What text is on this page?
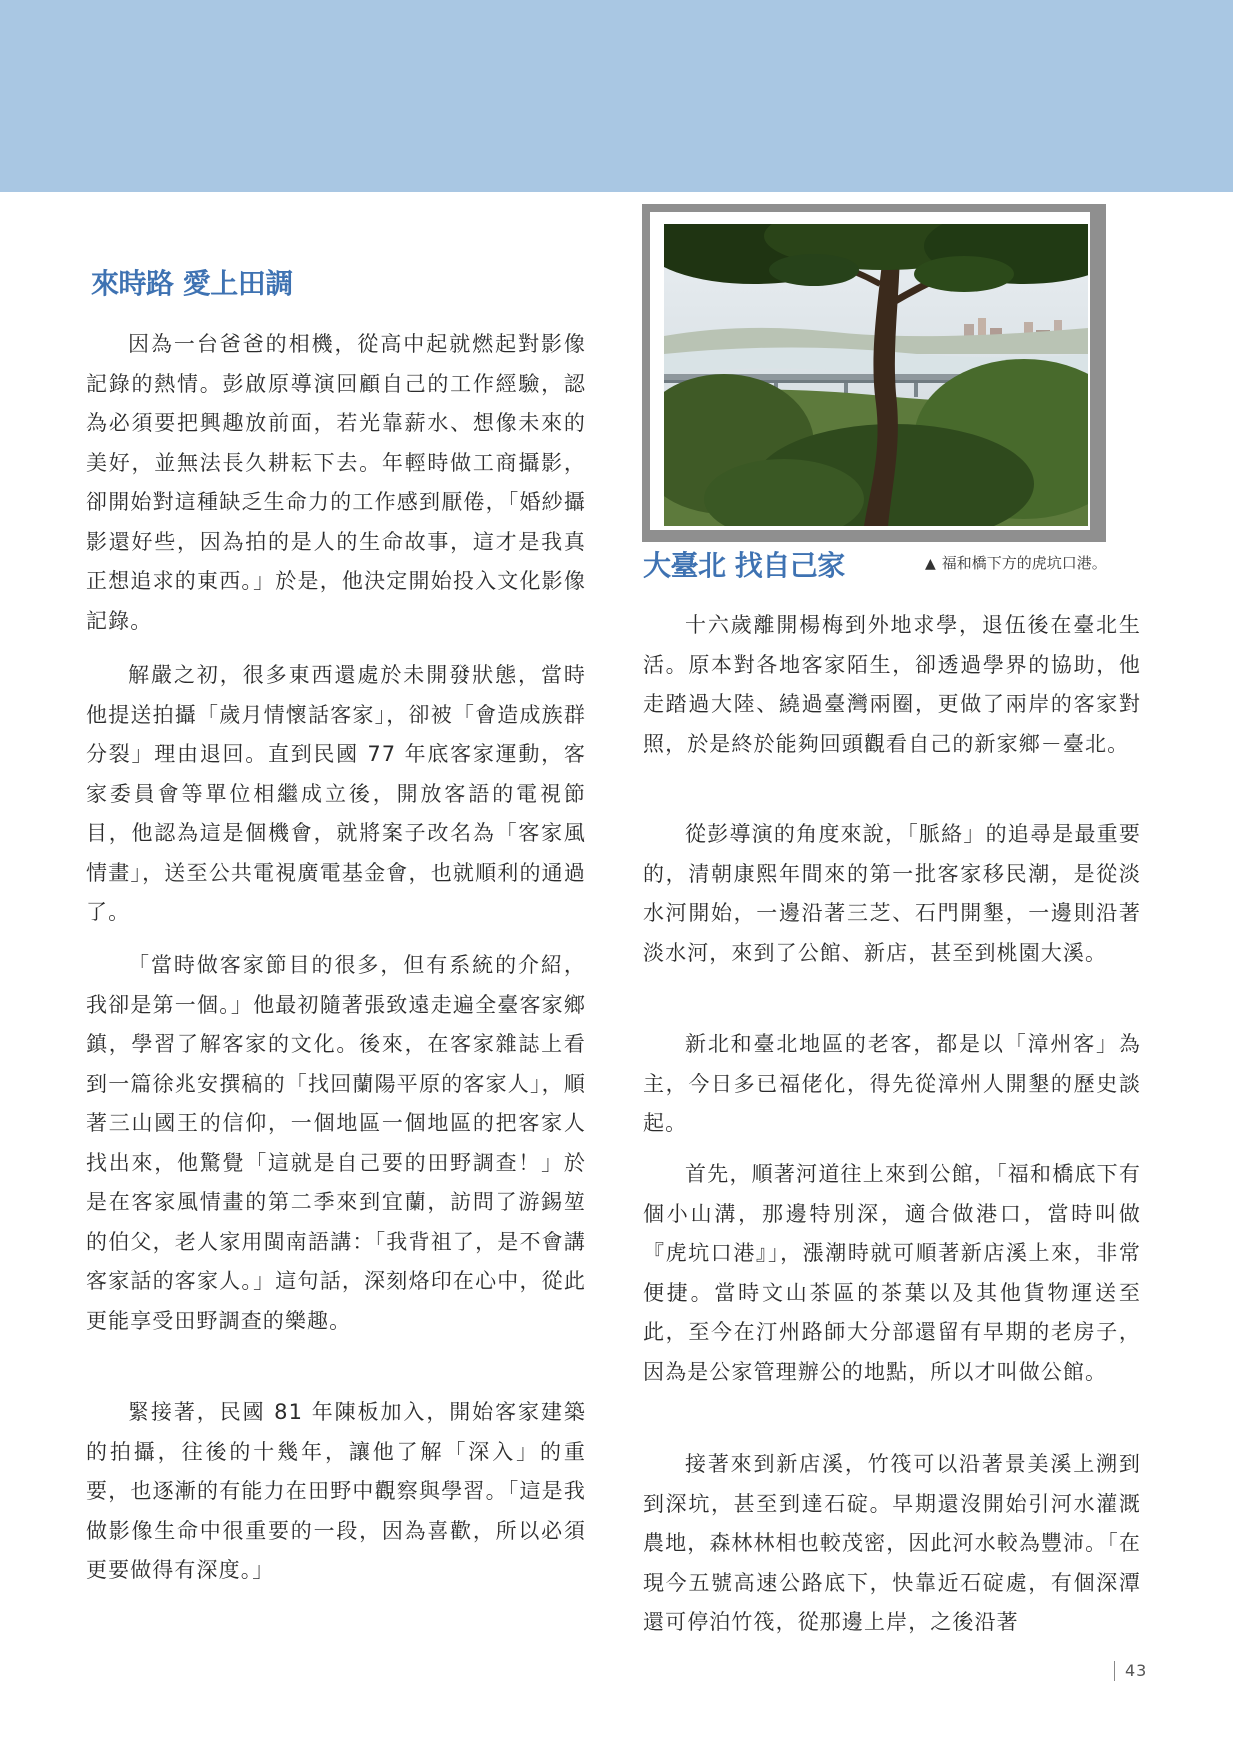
來時路 愛上田調

因為一台爸爸的相機，從高中起就燃起對影像記錄的熱情。彭啟原導演回顧自己的工作經驗，認為必須要把興趣放前面，若光靠薪水、想像未來的美好，並無法長久耕耘下去。年輕時做工商攝影，卻開始對這種缺乏生命力的工作感到厭倦，「婚紗攝影還好些，因為拍的是人的生命故事，這才是我真正想追求的東西。」於是，他決定開始投入文化影像記錄。

解嚴之初，很多東西還處於未開發狀態，當時他提送拍攝「歲月情懷話客家」，卻被「會造成族群分裂」理由退回。直到民國 77 年底客家運動，客家委員會等單位相繼成立後，開放客語的電視節目，他認為這是個機會，就將案子改名為「客家風情畫」，送至公共電視廣電基金會，也就順利的通過了。

「當時做客家節目的很多，但有系統的介紹，我卻是第一個。」他最初隨著張致遠走遍全臺客家鄉鎮，學習了解客家的文化。後來，在客家雜誌上看到一篇徐兆安撰稿的「找回蘭陽平原的客家人」，順著三山國王的信仰，一個地區一個地區的把客家人找出來，他驚覺「這就是自己要的田野調查！」於是在客家風情畫的第二季來到宜蘭，訪問了游錫堃的伯父，老人家用閩南語講：「我背祖了，是不會講客家話的客家人。」這句話，深刻烙印在心中，從此更能享受田野調查的樂趣。

緊接著，民國 81 年陳板加入，開始客家建築的拍攝，往後的十幾年，讓他了解「深入」的重要，也逐漸的有能力在田野中觀察與學習。「這是我做影像生命中很重要的一段，因為喜歡，所以必須更要做得有深度。」

▲ 福和橋下方的虎坑口港。
大臺北 找自己家

十六歲離開楊梅到外地求學，退伍後在臺北生活。原本對各地客家陌生，卻透過學界的協助，他走踏過大陸、繞過臺灣兩圈，更做了兩岸的客家對照，於是終於能夠回頭觀看自己的新家鄉－臺北。

從彭導演的角度來說，「脈絡」的追尋是最重要的，清朝康熙年間來的第一批客家移民潮，是從淡水河開始，一邊沿著三芝、石門開墾，一邊則沿著淡水河，來到了公館、新店，甚至到桃園大溪。

新北和臺北地區的老客，都是以「漳州客」為主，今日多已福佬化，得先從漳州人開墾的歷史談起。

首先，順著河道往上來到公館，「福和橋底下有個小山溝，那邊特別深，適合做港口，當時叫做『虎坑口港』」，漲潮時就可順著新店溪上來，非常便捷。當時文山茶區的茶葉以及其他貨物運送至此，至今在汀州路師大分部還留有早期的老房子，因為是公家管理辦公的地點，所以才叫做公館。

接著來到新店溪，竹筏可以沿著景美溪上溯到到深坑，甚至到達石碇。早期還沒開始引河水灌溉農地，森林林相也較茂密，因此河水較為豐沛。「在現今五號高速公路底下，快靠近石碇處，有個深潭還可停泊竹筏，從那邊上岸，之後沿著

43
